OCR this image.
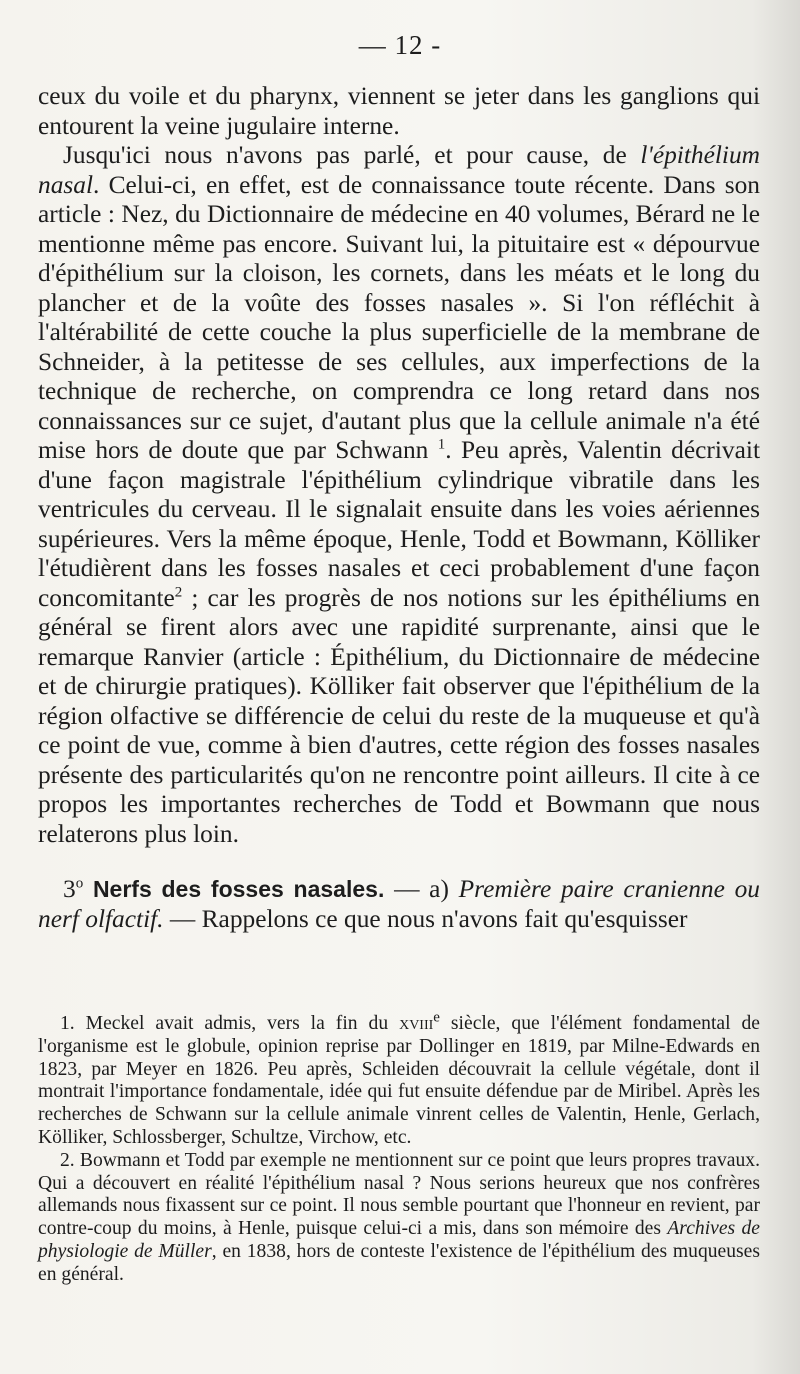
— 12 -

ceux du voile et du pharynx, viennent se jeter dans les ganglions qui entourent la veine jugulaire interne.

Jusqu'ici nous n'avons pas parlé, et pour cause, de l'épithélium nasal. Celui-ci, en effet, est de connaissance toute récente. Dans son article : Nez, du Dictionnaire de médecine en 40 volumes, Bérard ne le mentionne même pas encore. Suivant lui, la pituitaire est « dépourvue d'épithélium sur la cloison, les cornets, dans les méats et le long du plancher et de la voûte des fosses nasales ». Si l'on réfléchit à l'altérabilité de cette couche la plus superficielle de la membrane de Schneider, à la petitesse de ses cellules, aux imperfections de la technique de recherche, on comprendra ce long retard dans nos connaissances sur ce sujet, d'autant plus que la cellule animale n'a été mise hors de doute que par Schwann $^1$. Peu après, Valentin décrivait d'une façon magistrale l'épithélium cylindrique vibratile dans les ventricules du cerveau. Il le signalait ensuite dans les voies aériennes supérieures. Vers la même époque, Henle, Todd et Bowmann, Kölliker l'étudièrent dans les fosses nasales et ceci probablement d'une façon concomitante$^2$ ; car les progrès de nos notions sur les épithéliums en général se firent alors avec une rapidité surprenante, ainsi que le remarque Ranvier (article : Épithélium, du Dictionnaire de médecine et de chirurgie pratiques). Kölliker fait observer que l'épithélium de la région olfactive se différencie de celui du reste de la muqueuse et qu'à ce point de vue, comme à bien d'autres, cette région des fosses nasales présente des particularités qu'on ne rencontre point ailleurs. Il cite à ce propos les importantes recherches de Todd et Bowmann que nous relaterons plus loin.

3$^o$ Nerfs des fosses nasales. — a) Première paire cranienne ou nerf olfactif. — Rappelons ce que nous n'avons fait qu'esquisser

1. Meckel avait admis, vers la fin du xviii$^e$ siècle, que l'élément fondamental de l'organisme est le globule, opinion reprise par Dollinger en 1819, par Milne-Edwards en 1823, par Meyer en 1826. Peu après, Schleiden découvrait la cellule végétale, dont il montrait l'importance fondamentale, idée qui fut ensuite défendue par de Miribel. Après les recherches de Schwann sur la cellule animale vinrent celles de Valentin, Henle, Gerlach, Kölliker, Schlossberger, Schultze, Virchow, etc.

2. Bowmann et Todd par exemple ne mentionnent sur ce point que leurs propres travaux. Qui a découvert en réalité l'épithélium nasal ? Nous serions heureux que nos confrères allemands nous fixassent sur ce point. Il nous semble pourtant que l'honneur en revient, par contre-coup du moins, à Henle, puisque celui-ci a mis, dans son mémoire des Archives de physiologie de Müller, en 1838, hors de conteste l'existence de l'épithélium des muqueuses en général.
